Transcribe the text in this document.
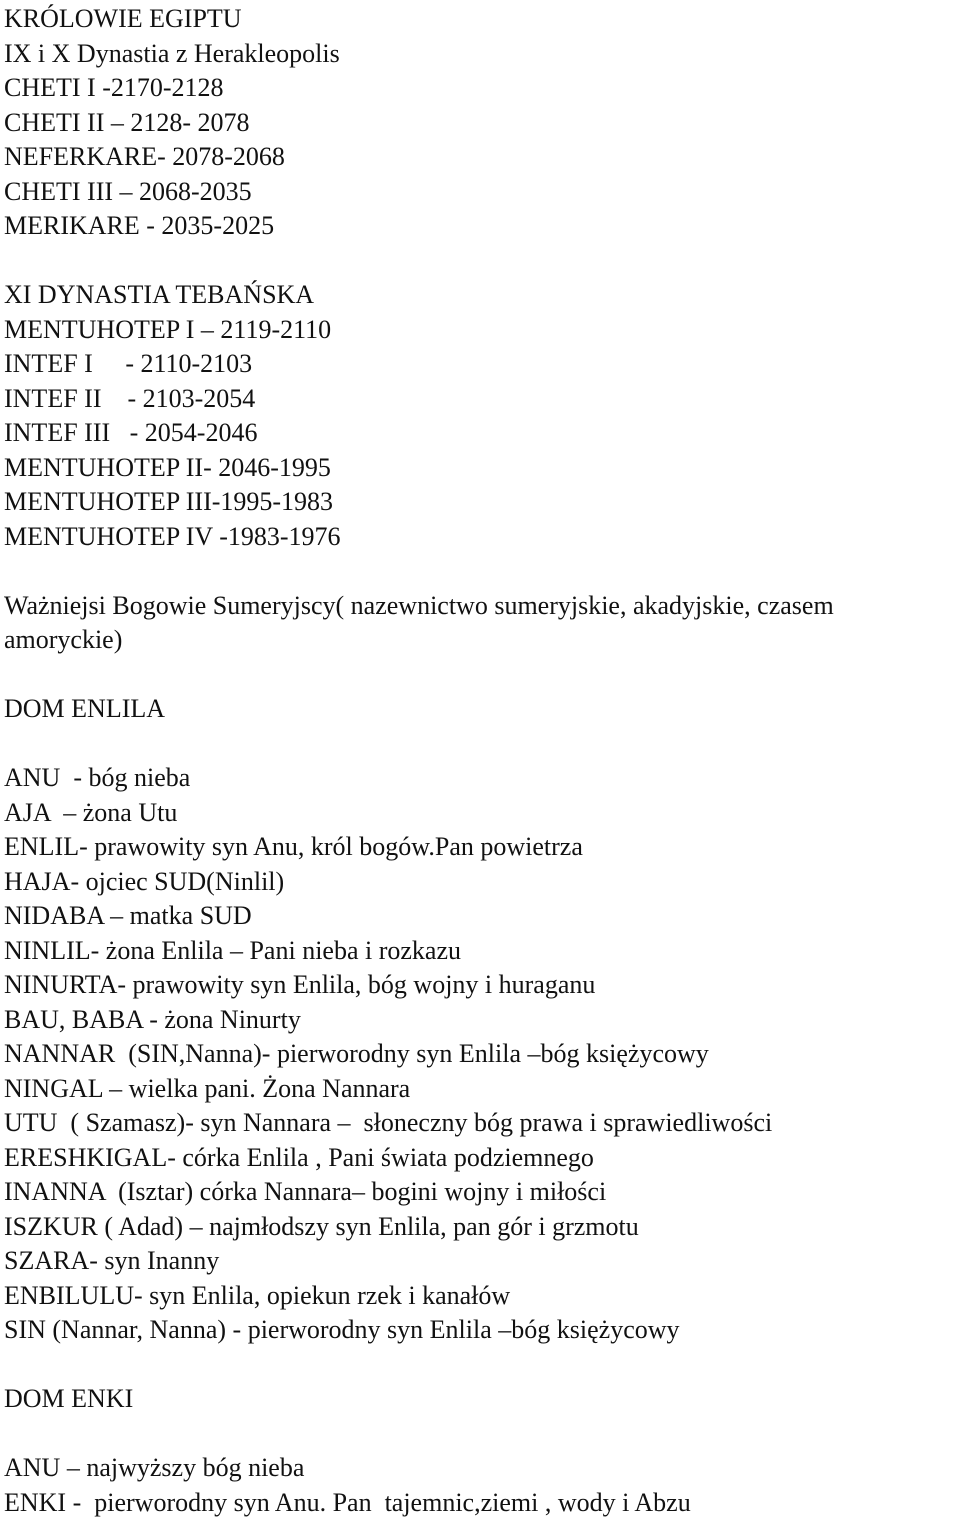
KRÓLOWIE EGIPTU
IX i X Dynastia z Herakleopolis
CHETI I -2170-2128
CHETI II – 2128- 2078
NEFERKARE- 2078-2068
CHETI III – 2068-2035
MERIKARE - 2035-2025
XI DYNASTIA TEBAŃSKA
MENTUHOTEP I – 2119-2110
INTEF I     - 2110-2103
INTEF II    - 2103-2054
INTEF III   - 2054-2046
MENTUHOTEP II- 2046-1995
MENTUHOTEP III-1995-1983
MENTUHOTEP IV -1983-1976
Ważniejsi Bogowie Sumeryjscy( nazewnictwo sumeryjskie, akadyjskie, czasem
amoryckie)
DOM ENLILA
ANU  - bóg nieba
AJA  – żona Utu
ENLIL- prawowity syn Anu, król bogów.Pan powietrza
HAJA- ojciec SUD(Ninlil)
NIDABA – matka SUD
NINLIL- żona Enlila – Pani nieba i rozkazu
NINURTA- prawowity syn Enlila, bóg wojny i huraganu
BAU, BABA - żona Ninurty
NANNAR  (SIN,Nanna)- pierworodny syn Enlila –bóg księżycowy
NINGAL – wielka pani. Żona Nannara
UTU  ( Szamasz)- syn Nannara –  słoneczny bóg prawa i sprawiedliwości
ERESHKIGAL- córka Enlila , Pani świata podziemnego
INANNA  (Isztar) córka Nannara– bogini wojny i miłości
ISZKUR ( Adad) – najmłodszy syn Enlila, pan gór i grzmotu
SZARA- syn Inanny
ENBILULU- syn Enlila, opiekun rzek i kanałów
SIN (Nannar, Nanna) - pierworodny syn Enlila –bóg księżycowy
DOM ENKI
ANU – najwyższy bóg nieba
ENKI -  pierworodny syn Anu. Pan  tajemnic,ziemi , wody i Abzu
